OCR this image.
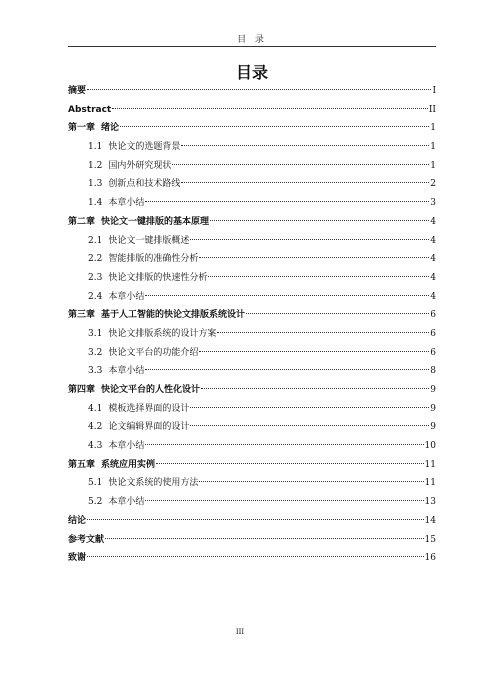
目 录
目录
摘要	I
Abstract	II
第一章 绪论	1
1.1 快论文的选题背景	1
1.2 国内外研究现状	1
1.3 创新点和技术路线	2
1.4 本章小结	3
第二章 快论文一键排版的基本原理	4
2.1 快论文一键排版概述	4
2.2 智能排版的准确性分析	4
2.3 快论文排版的快速性分析	4
2.4 本章小结	4
第三章 基于人工智能的快论文排版系统设计	6
3.1 快论文排版系统的设计方案	6
3.2 快论文平台的功能介绍	6
3.3 本章小结	8
第四章 快论文平台的人性化设计	9
4.1 模板选择界面的设计	9
4.2 论文编辑界面的设计	9
4.3 本章小结	10
第五章 系统应用实例	11
5.1 快论文系统的使用方法	11
5.2 本章小结	13
结论	14
参考文献	15
致谢	16
III
